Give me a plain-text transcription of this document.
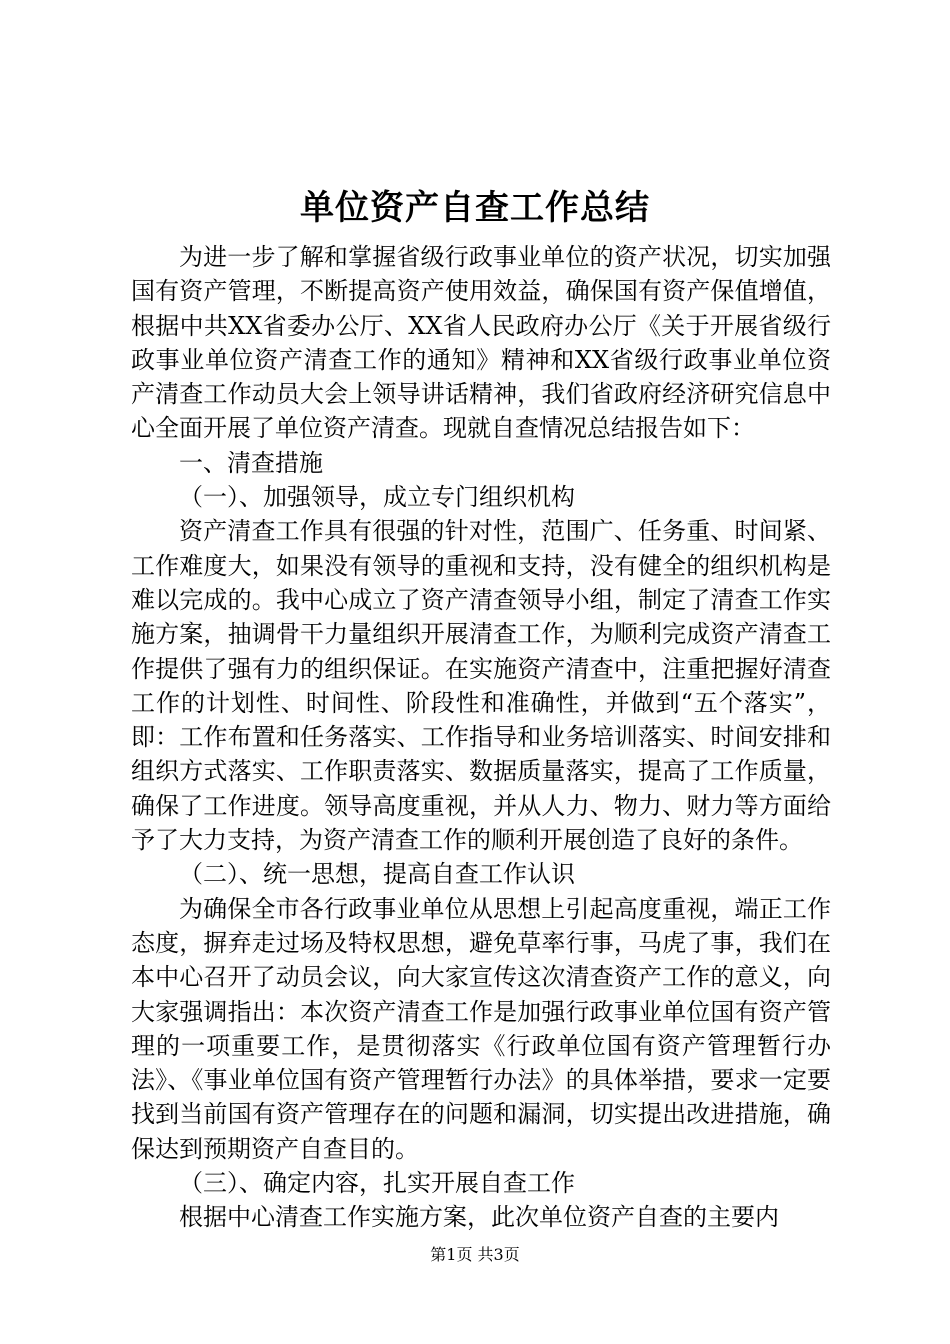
单位资产自查工作总结

为进一步了解和掌握省级行政事业单位的资产状况，切实加强国有资产管理，不断提高资产使用效益，确保国有资产保值增值，根据中共XX省委办公厅、XX省人民政府办公厅《关于开展省级行政事业单位资产清查工作的通知》精神和XX省级行政事业单位资产清查工作动员大会上领导讲话精神，我们省政府经济研究信息中心全面开展了单位资产清查。现就自查情况总结报告如下：

一、清查措施

（一）、加强领导，成立专门组织机构

资产清查工作具有很强的针对性，范围广、任务重、时间紧、工作难度大，如果没有领导的重视和支持，没有健全的组织机构是难以完成的。我中心成立了资产清查领导小组，制定了清查工作实施方案，抽调骨干力量组织开展清查工作，为顺利完成资产清查工作提供了强有力的组织保证。在实施资产清查中，注重把握好清查工作的计划性、时间性、阶段性和准确性，并做到“五个落实”，即：工作布置和任务落实、工作指导和业务培训落实、时间安排和组织方式落实、工作职责落实、数据质量落实，提高了工作质量，确保了工作进度。领导高度重视，并从人力、物力、财力等方面给予了大力支持，为资产清查工作的顺利开展创造了良好的条件。

（二）、统一思想，提高自查工作认识

为确保全市各行政事业单位从思想上引起高度重视，端正工作态度，摒弃走过场及特权思想，避免草率行事，马虎了事，我们在本中心召开了动员会议，向大家宣传这次清查资产工作的意义，向大家强调指出：本次资产清查工作是加强行政事业单位国有资产管理的一项重要工作，是贯彻落实《行政单位国有资产管理暂行办法》、《事业单位国有资产管理暂行办法》的具体举措，要求一定要找到当前国有资产管理存在的问题和漏洞，切实提出改进措施，确保达到预期资产自查目的。

（三）、确定内容，扎实开展自查工作

根据中心清查工作实施方案，此次单位资产自查的主要内

第1页 共3页
